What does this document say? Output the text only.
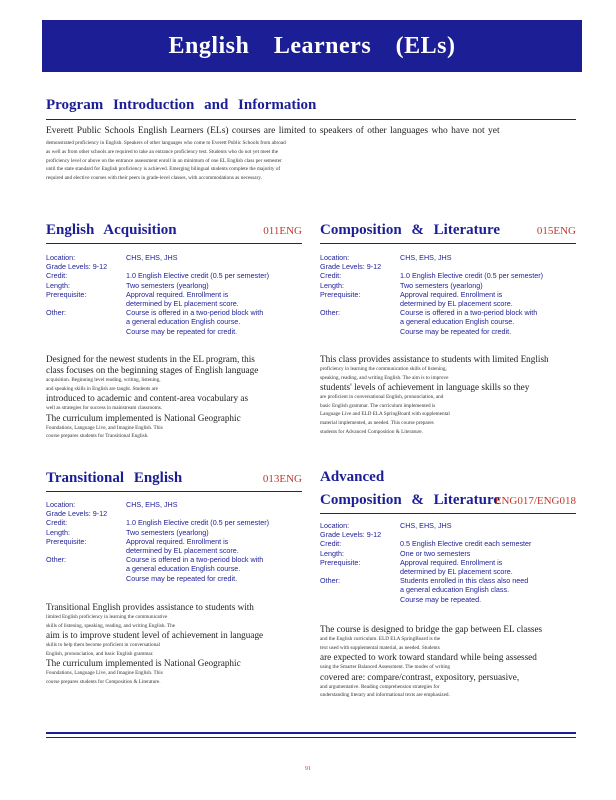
English Learners (ELs)
Program Introduction and Information
Everett Public Schools English Learners (ELs) courses are limited to speakers of other languages who have not yet
demonstrated proficiency in English. Speakers of other languages who come to Everett Public Schools from abroad
as well as from other schools are required to take an entrance proficiency test. Students who do not yet meet the
proficiency level or above on the entrance assessment enroll in an minimum of one EL English class per semester
until the state standard for English proficiency is achieved. Emerging bilingual students complete the majority of
required and elective courses with their peers in grade-level classes, with accommodations as necessary.
English Acquisition	011ENG
Location:	CHS, EHS, JHS
Grade Levels: 9-12
Credit:	1.0 English Elective credit (0.5 per semester)
Length:	Two semesters (yearlong)
Prerequisite:	Approval required. Enrollment is
determined by EL placement score.
Other:	Course is offered in a two-period block with
a general education English course.
Course may be repeated for credit.
Designed for the newest students in the EL program, this
class focuses on the beginning stages of English language
acquisition. Beginning level reading, writing, listening,
and speaking skills in English are taught. Students are
introduced to academic and content-area vocabulary as
well as strategies for success in mainstream classrooms.
The curriculum implemented is National Geographic
Foundations, Language Live, and Imagine English. This
course prepares students for Transitional English.
Composition & Literature	015ENG
Location:	CHS, EHS, JHS
Grade Levels: 9-12
Credit:	1.0 English Elective credit (0.5 per semester)
Length:	Two semesters (yearlong)
Prerequisite:	Approval required. Enrollment is
determined by EL placement score.
Other:	Course is offered in a two-period block with
a general education English course.
Course may be repeated for credit.
This class provides assistance to students with limited English
proficiency in learning the communication skills of listening,
speaking, reading, and writing English. The aim is to improve
students' levels of achievement in language skills so they
are proficient in conversational English, pronunciation, and
basic English grammar. The curriculum implemented is
Language Live and ELD ELA SpringBoard with supplemental
material implemented, as needed. This course prepares
students for Advanced Composition & Literature.
Transitional English	013ENG
Location:	CHS, EHS, JHS
Grade Levels: 9-12
Credit:	1.0 English Elective credit (0.5 per semester)
Length:	Two semesters (yearlong)
Prerequisite:	Approval required. Enrollment is
determined by EL placement score.
Other:	Course is offered in a two-period block with
a general education English course.
Course may be repeated for credit.
Transitional English provides assistance to students with
limited English proficiency in learning the communicative
skills of listening, speaking, reading, and writing English. The
aim is to improve student level of achievement in language
skills to help them become proficient in conversational
English, pronunciation, and basic English grammar.
The curriculum implemented is National Geographic
Foundations, Language Live, and Imagine English. This
course prepares students for Composition & Literature.
Advanced
Composition & Literature
ENG017/ENG018
Location:	CHS, EHS, JHS
Grade Levels: 9-12
Credit:	0.5 English Elective credit each semester
Length:	One or two semesters
Prerequisite:	Approval required. Enrollment is
determined by EL placement score.
Other:	Students enrolled in this class also need
a general education English class.
Course may be repeated.
The course is designed to bridge the gap between EL classes
and the English curriculum. ELD ELA SpringBoard is the
text used with supplemental material, as needed. Students
are expected to work toward standard while being assessed
using the Smarter Balanced Assessment. The modes of writing
covered are: compare/contrast, expository, persuasive,
and argumentative. Reading comprehension strategies for
understanding literary and informational texts are emphasized.
91
